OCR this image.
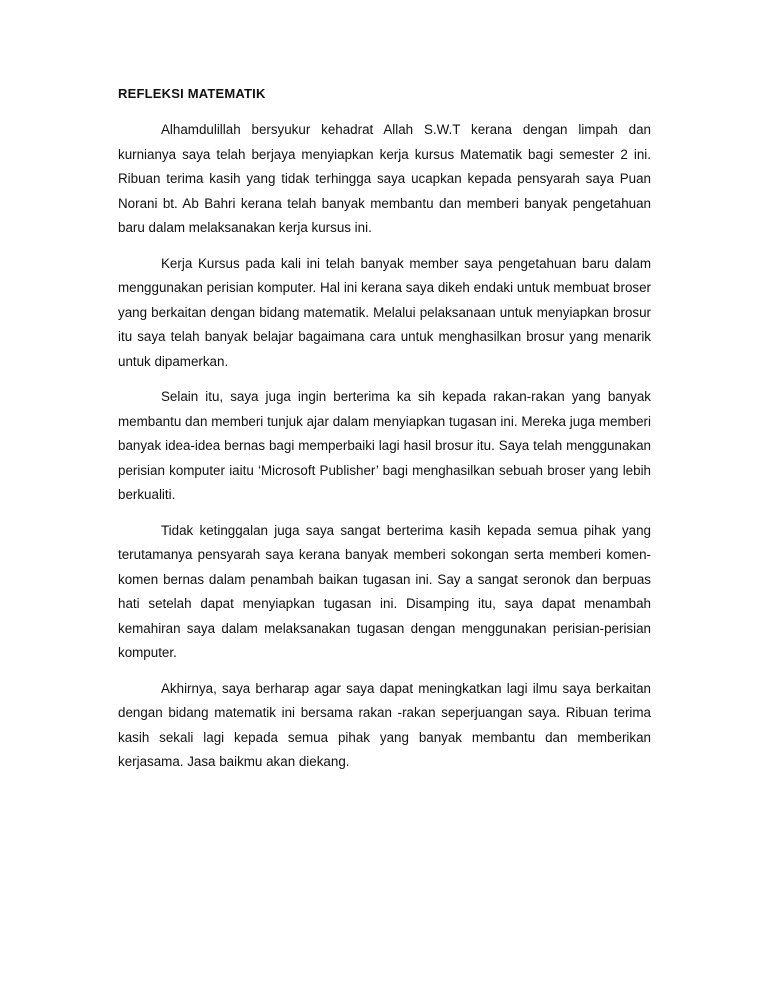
REFLEKSI MATEMATIK

Alhamdulillah bersyukur kehadrat Allah S.W.T kerana dengan limpah dan kurnianya saya telah berjaya menyiapkan kerja kursus Matematik bagi semester 2 ini. Ribuan terima kasih yang tidak terhingga saya ucapkan kepada pensyarah saya Puan Norani bt. Ab Bahri kerana telah banyak membantu dan memberi banyak pengetahuan baru dalam melaksanakan kerja kursus ini.

Kerja Kursus pada kali ini telah banyak member saya pengetahuan baru dalam menggunakan perisian komputer. Hal ini kerana saya dikeh endaki untuk membuat broser yang berkaitan dengan bidang matematik. Melalui pelaksanaan untuk menyiapkan brosur itu saya telah banyak belajar bagaimana cara untuk menghasilkan brosur yang menarik untuk dipamerkan.

Selain itu, saya juga ingin berterima ka sih kepada rakan-rakan yang banyak membantu dan memberi tunjuk ajar dalam menyiapkan tugasan ini. Mereka juga memberi banyak idea-idea bernas bagi memperbaiki lagi hasil brosur itu. Saya telah menggunakan perisian komputer iaitu ‘Microsoft Publisher’ bagi menghasilkan sebuah broser yang lebih berkualiti.

Tidak ketinggalan juga saya sangat berterima kasih kepada semua pihak yang terutamanya pensyarah saya kerana banyak memberi sokongan serta memberi komen-komen bernas dalam penambah baikan tugasan ini. Say a sangat seronok dan berpuas hati setelah dapat menyiapkan tugasan ini. Disamping itu, saya dapat menambah kemahiran saya dalam melaksanakan tugasan dengan menggunakan perisian-perisian komputer.

Akhirnya, saya berharap agar saya dapat meningkatkan lagi ilmu saya berkaitan dengan bidang matematik ini bersama rakan -rakan seperjuangan saya. Ribuan terima kasih sekali lagi kepada semua pihak yang banyak membantu dan memberikan kerjasama. Jasa baikmu akan diekang.
